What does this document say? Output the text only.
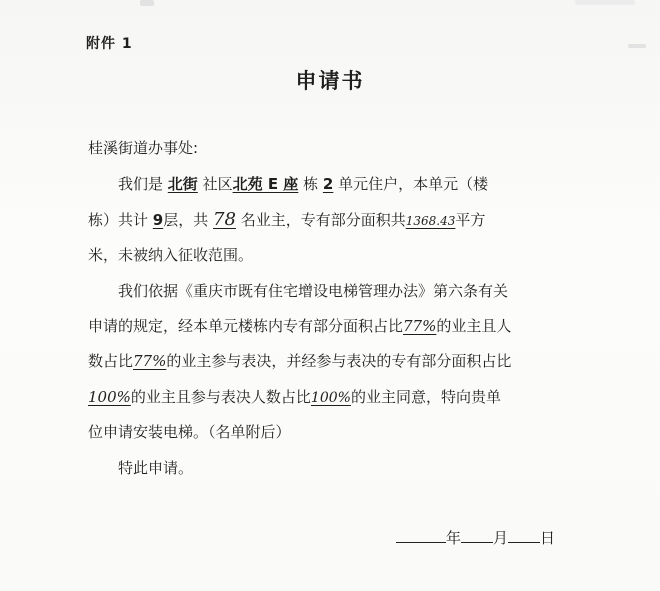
附件 1
申请书
桂溪街道办事处:
我们是 北街 社区北苑 E 座 栋 2 单元住户，本单元（楼
栋）共计 9层，共 78 名业主，专有部分面积共1368.43平方
米，未被纳入征收范围。
我们依据《重庆市既有住宅增设电梯管理办法》第六条有关
申请的规定，经本单元楼栋内专有部分面积占比77%的业主且人
数占比77%的业主参与表决，并经参与表决的专有部分面积占比
100%的业主且参与表决人数占比100%的业主同意，特向贵单
位申请安装电梯。（名单附后）
特此申请。
年 月 日
